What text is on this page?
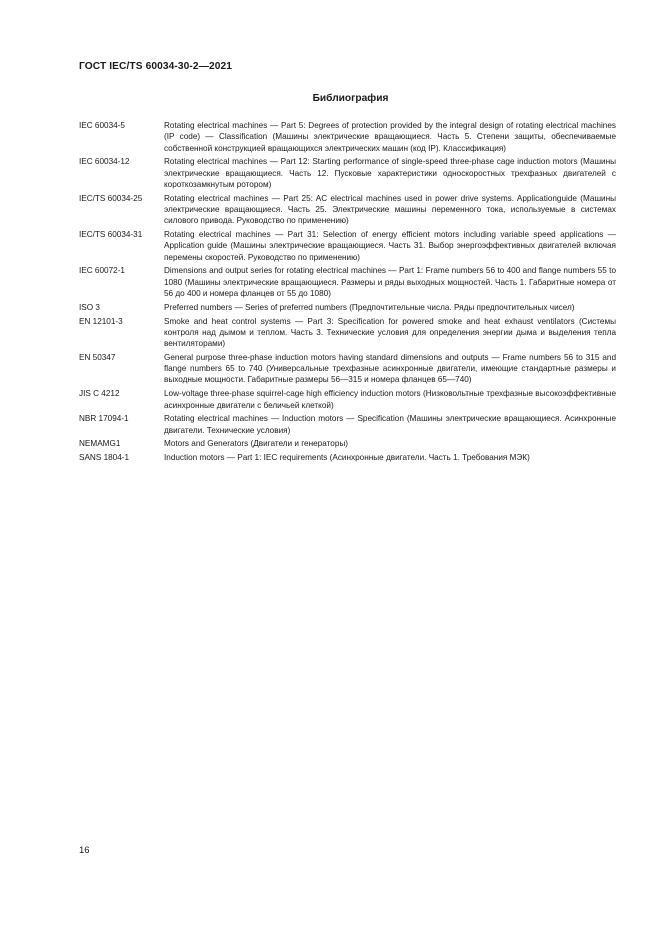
ГОСТ IEC/TS 60034-30-2—2021
Библиография
IEC 60034-5	Rotating electrical machines — Part 5: Degrees of protection provided by the integral design of rotating electrical machines (IP code) — Classification (Машины электрические вращающиеся. Часть 5. Степени защиты, обеспечиваемые собственной конструкцией вращающихся электрических машин (код IP). Классификация)
IEC 60034-12	Rotating electrical machines — Part 12: Starting performance of single-speed three-phase cage induction motors (Машины электрические вращающиеся. Часть 12. Пусковые характеристики односкоростных трехфазных двигателей с короткозамкнутым ротором)
IEC/TS 60034-25	Rotating electrical machines — Part 25: AC electrical machines used in power drive systems. Applicationguide (Машины электрические вращающиеся. Часть 25. Электрические машины переменного тока, используемые в системах силового привода. Руководство по применению)
IEC/TS 60034-31	Rotating electrical machines — Part 31: Selection of energy efficient motors including variable speed applications — Application guide (Машины электрические вращающиеся. Часть 31. Выбор энергоэффективных двигателей включая перемены скоростей. Руководство по применению)
IEC 60072-1	Dimensions and output series for rotating electrical machines — Part 1: Frame numbers 56 to 400 and flange numbers 55 to 1080 (Машины электрические вращающиеся. Размеры и ряды выходных мощностей. Часть 1. Габаритные номера от 56 до 400 и номера фланцев от 55 до 1080)
ISO 3	Preferred numbers — Series of preferred numbers (Предпочтительные числа. Ряды предпочтительных чисел)
EN 12101-3	Smoke and heat control systems — Part 3: Specification for powered smoke and heat exhaust ventilators (Системы контроля над дымом и теплом. Часть 3. Технические условия для определения энергии дыма и выделения тепла вентиляторами)
EN 50347	General purpose three-phase induction motors having standard dimensions and outputs — Frame numbers 56 to 315 and flange numbers 65 to 740 (Универсальные трехфазные асинхронные двигатели, имеющие стандартные размеры и выходные мощности. Габаритные размеры 56—315 и номера фланцев 65—740)
JIS C 4212	Low-voltage three-phase squirrel-cage high efficiency induction motors (Низковольтные трехфазные высокоэффективные асинхронные двигатели с беличьей клеткой)
NBR 17094-1	Rotating electrical machines — Induction motors — Specification (Машины электрические вращающиеся. Асинхронные двигатели. Технические условия)
NEMAMG1	Motors and Generators (Двигатели и генераторы)
SANS 1804-1	Induction motors — Part 1: IEC requirements (Асинхронные двигатели. Часть 1. Требования МЭК)
16
